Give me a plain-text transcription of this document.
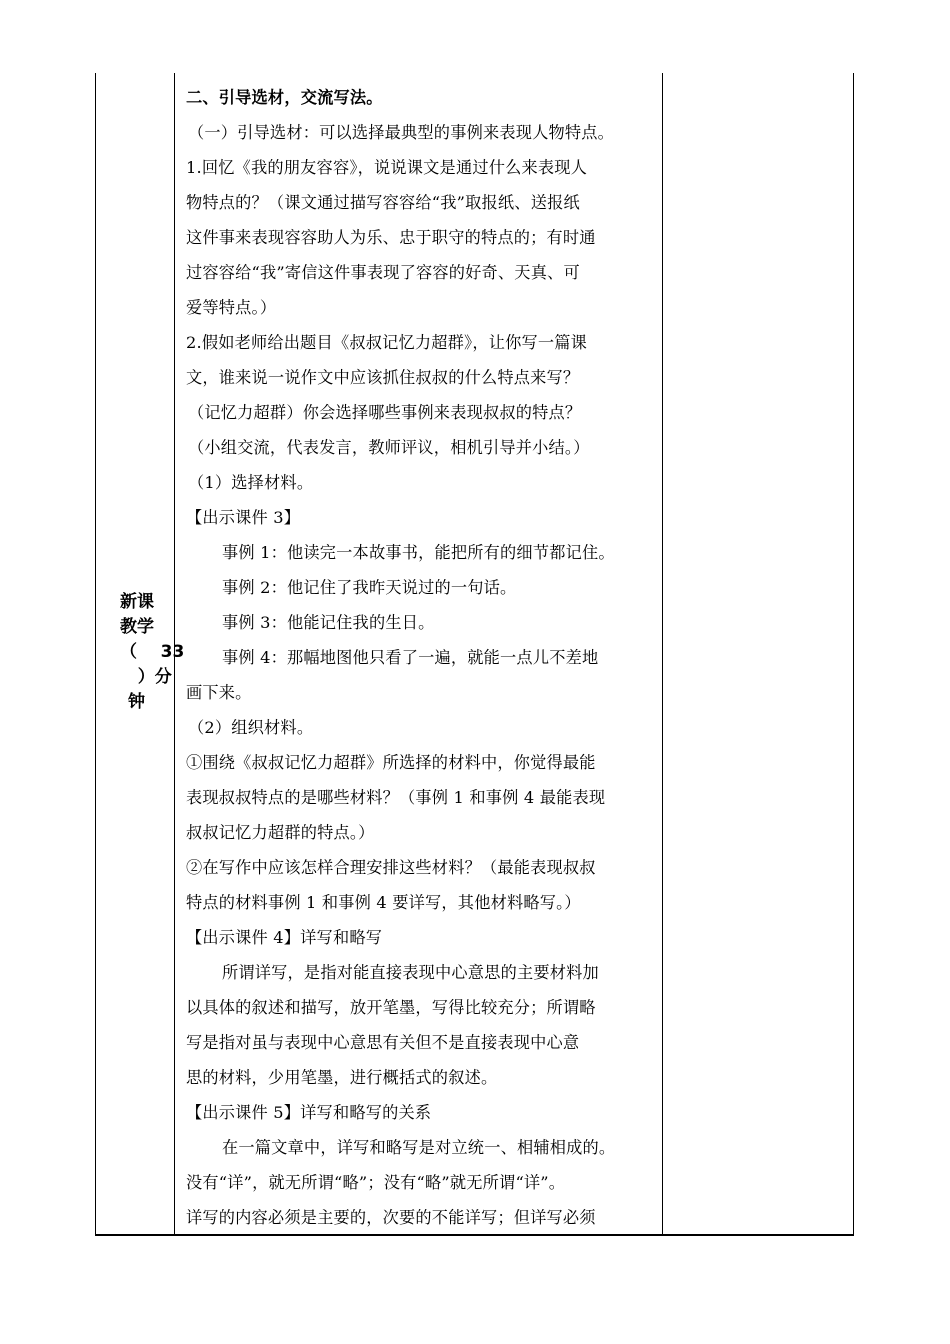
新课
教学
（    33
）分
钟
二、引导选材，交流写法。
（一）引导选材：可以选择最典型的事例来表现人物特点。
1.回忆《我的朋友容容》，说说课文是通过什么来表现人
物特点的？（课文通过描写容容给“我”取报纸、送报纸
这件事来表现容容助人为乐、忠于职守的特点的；有时通
过容容给“我”寄信这件事表现了容容的好奇、天真、可
爱等特点。）
2.假如老师给出题目《叔叔记忆力超群》，让你写一篇课
文，谁来说一说作文中应该抓住叔叔的什么特点来写？
（记忆力超群）你会选择哪些事例来表现叔叔的特点？
（小组交流，代表发言，教师评议，相机引导并小结。）
（1）选择材料。
【出示课件 3】
事例 1：他读完一本故事书，能把所有的细节都记住。
事例 2：他记住了我昨天说过的一句话。
事例 3：他能记住我的生日。
事例 4：那幅地图他只看了一遍，就能一点儿不差地
画下来。
（2）组织材料。
①围绕《叔叔记忆力超群》所选择的材料中，你觉得最能
表现叔叔特点的是哪些材料？（事例 1 和事例 4 最能表现
叔叔记忆力超群的特点。）
②在写作中应该怎样合理安排这些材料？（最能表现叔叔
特点的材料事例 1 和事例 4 要详写，其他材料略写。）
【出示课件 4】详写和略写
所谓详写，是指对能直接表现中心意思的主要材料加
以具体的叙述和描写，放开笔墨，写得比较充分；所谓略
写是指对虽与表现中心意思有关但不是直接表现中心意
思的材料，少用笔墨，进行概括式的叙述。
【出示课件 5】详写和略写的关系
在一篇文章中，详写和略写是对立统一、相辅相成的。
没有“详”，就无所谓“略”；没有“略”就无所谓“详”。
详写的内容必须是主要的，次要的不能详写；但详写必须
